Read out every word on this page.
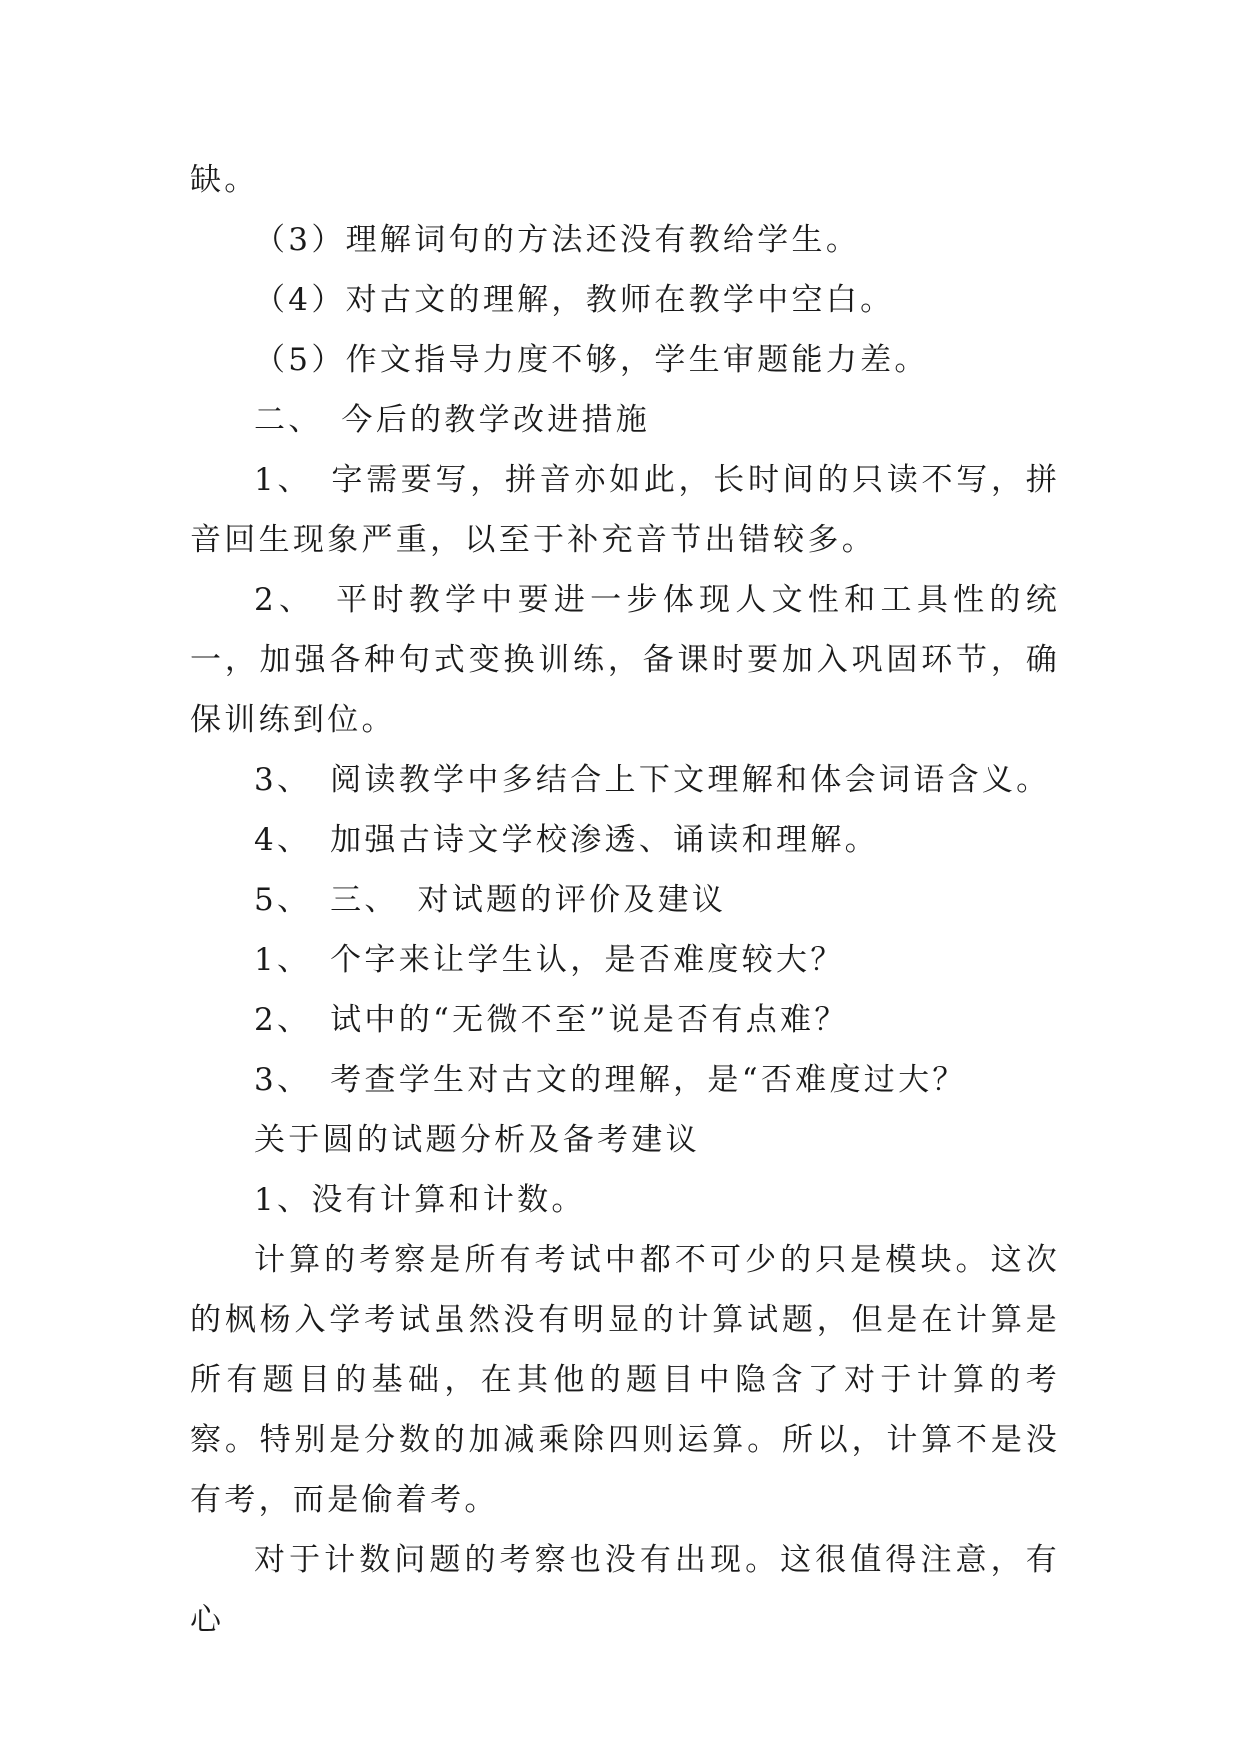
缺。

（3）理解词句的方法还没有教给学生。

（4）对古文的理解，教师在教学中空白。

（5）作文指导力度不够，学生审题能力差。

二、　今后的教学改进措施

1、　字需要写，拼音亦如此，长时间的只读不写，拼音回生现象严重，以至于补充音节出错较多。

2、　平时教学中要进一步体现人文性和工具性的统一，加强各种句式变换训练，备课时要加入巩固环节，确保训练到位。

3、　阅读教学中多结合上下文理解和体会词语含义。

4、　加强古诗文学校渗透、诵读和理解。

5、　三、　对试题的评价及建议

1、　个字来让学生认，是否难度较大？

2、　试中的“无微不至”说是否有点难？

3、　考查学生对古文的理解，是“否难度过大？

关于圆的试题分析及备考建议

1、没有计算和计数。

计算的考察是所有考试中都不可少的只是模块。这次的枫杨入学考试虽然没有明显的计算试题，但是在计算是所有题目的基础，在其他的题目中隐含了对于计算的考察。特别是分数的加减乘除四则运算。所以，计算不是没有考，而是偷着考。

对于计数问题的考察也没有出现。这很值得注意，有心
